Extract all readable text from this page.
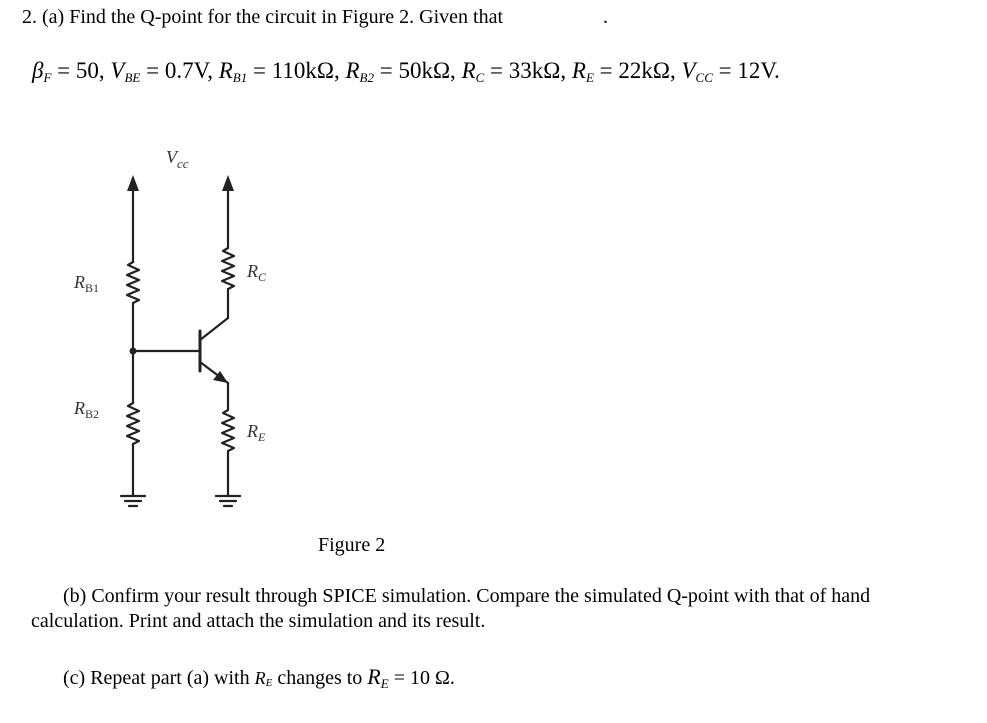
2. (a) Find the Q-point for the circuit in Figure 2. Given that	.
$\beta_F = 50$, $V_{BE} = 0.7V$, $R_{B1} = 110k\Omega$, $R_{B2} = 50k\Omega$, $R_C = 33k\Omega$, $R_E = 22k\Omega$, $V_{CC} = 12V$.
$V_{cc}$
$R_{B1}$
$R_{B2}$
$R_C$
$R_E$
Figure 2
(b) Confirm your result through SPICE simulation. Compare the simulated Q-point with that of hand
calculation. Print and attach the simulation and its result.
(c) Repeat part (a) with $R_E$ changes to $R_E = 10$ Ω.
